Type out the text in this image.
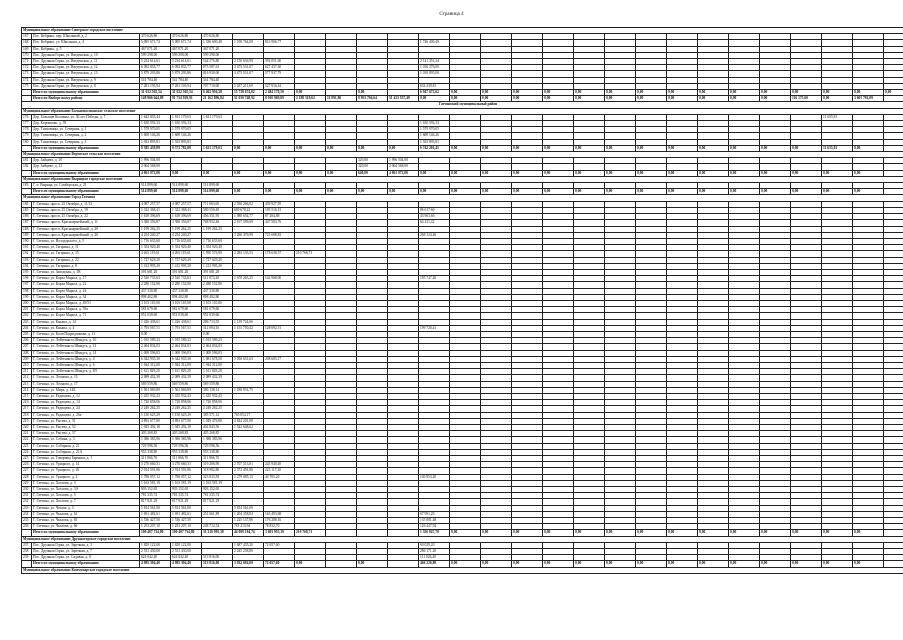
Страница 4
Муниципальное образование Сиверское городское поселение																										
167	Пос. Кобрино, пер. Школьный, д. 2	470 626,80	470 626,80	470 626,80																						
168	Пос. Кобрино, ул. Школьная, д. 4	5 095 671,74	5 095 671,74	1 336 600,48	1 198 764,00	813 906,77					1 746 400,49															
169	Пос. Кобрино, д. 5	467 071,20	467 071,20	467 071,20																						
170	Пос. Дружная Горка, ул. Введенская, д. 10	599 298,00	599 298,00	599 298,00																						
171	Пос. Дружная Горка, ул. Введенская, д. 11	5 234 614,61	5 234 614,61	544 576,80	2 150 636,99	392 051,60					2 141 351,24															
172	Пос. Дружная Горка, ул. Введенская, д. 12	6 092 835,77	6 092 835,77	875 587,61	3 475 531,07	627 437,30					1 016 376,00															
173	Пос. Дружная Горка, ул. Введенская, д. 13	5 879 293,86	5 879 293,86	816 930,00	3 475 531,07	577 937,79					1 010 895,00															
174	Пос. Дружная Горка, ул. Введенская, д. 9	541 784,40	541 784,40	541 784,40																						
175	Пос. Дружная Горка, ул. Введенская, д. 8	7 281 195,94	7 281 195,94	707 710,00	5 437 211,69	527 816,44					634 439,81															
	Итого по муниципальному образованию	31 632 565,54	31 632 565,54	6 462 956,38	15 738 674,82	2 484 170,50	0,00		0,00		6 947 672,62	0,00	0,00	0,00	0,00	0,00	0,00	0,00	0,00	0,00	0,00	0,00	0,00	0,00	0,00	0,00
	Итого по Выборгскому району	148 966 644,09	91 734 929,91	21 162 896,84	51 030 748,92	8 010 969,89	2 188 519,62	11 891,86	9 953 794,64	51 433 557,49	0,00	0,00	0,00	0,00	0,00	0,00	0,00	0,00	0,00	0,00	0,00	0,00	116 175,60	0,00	3 601 781,09	
Гатчинский муниципальный район																										
Муниципальное образование Большеколпанское сельское поселение																										
176	Дер. Большие Колпаны, ул. 30 лет Победы, д. 7	1 642 835,44	1 631 179,63	1 631 179,63																				11 655,81		
177	Дер. Корпиково, д. 39	1 630 592,33	1 630 592,33								1 630 592,33															
178	Дер. Тихковицы, ул. Северная, д. 1	1 579 970,05	1 579 970,05								1 579 970,05															
179	Дер. Тихковицы, ул. Северная, д. 2	1 608 146,26	1 608 146,26								1 608 146,26															
180	Дер. Тихковицы, ул. Северная, д. 3	1 923 895,81	1 923 895,81								1 923 895,81															
	Итого по муниципальному образованию	8 385 439,89	8 373 782,08	1 631 179,63	0,00	0,00	0,00	0,00	0,00	0,00	6 742 202,45	0,00	0,00	0,00	0,00	0,00	0,00	0,00	0,00	0,00	0,00	0,00	0,00	11 655,81	0,00	
Муниципальное образование Веревское сельское поселение																										
181	Дер. Зайцево, д. 10	1 996 504,00							320,00	1 996 504,00																
182	Дер. Зайцево, д. 12	2 064 568,00							320,00	2 064 568,00																
	Итого по муниципальному образованию	4 061 072,00	0,00	0,00	0,00	0,00	0,00	0,00	640,00	4 061 072,00	0,00	0,00	0,00	0,00	0,00	0,00	0,00	0,00	0,00	0,00	0,00	0,00	0,00	0,00	0,00	
Муниципальное образование Вырицкое городское поселение																										
183	Г. п. Вырица, ул. Сомборская, д. 21	514 899,60	514 899,60	514 899,60																						
	Итого по муниципальному образованию	514 899,60	514 899,60	514 899,60	0,00	0,00	0,00	0,00	0,00	0,00	0,00	0,00	0,00	0,00	0,00	0,00	0,00	0,00	0,00	0,00	0,00	0,00	0,00	0,00	0,00	
Муниципальное образование Город Гатчина																										
184	Г. Гатчина, просп. 25 Октября, д. 11/13	4 087 257,57	4 087 257,57	711 063,60	2 936 266,02	439 927,95																				
185	Г. Гатчина, просп. 25 Октября, д. 19	1 322 368,41	1 322 368,41	580 556,49	669 678,22	183 516,15					86 617,60															
186	Г. Гатчина, просп. 25 Октября, д. 22	1 618 396,69	1 618 396,69	456 351,95	1 080 654,77	87 284,88					43 963,66															
187	Г. Гатчина, просп. Красноармейский, д. 11	3 380 356,87	3 380 356,87	768 952,46	2 107 589,09	447 583,76					64 231,42															
188	Г. Гатчина, просп. Красноармейский, д. 20	1 199 262,25	1 199 262,25	1 199 262,25																						
189	Г. Гатчина, просп. Красноармейский, д. 26	4 254 240,27	4 254 240,27		3 260 476,99	725 688,82					268 124,46															
190	Г. Гатчина, ул. Володарского, д. 5	1 716 633,60	1 716 633,60	1 716 633,60																						
191	Г. Гатчина, ул. Гагарина, д. 11	1 354 920,40	1 354 920,40	1 354 920,40																						
192	Г. Гатчина, ул. Гагарина, д. 15	4 263 119,61	4 263 119,61	1 590 576,90	2 283 135,53	178 638,57	210 768,71																			
193	Г. Гатчина, ул. Гагарина, д. 22	1 727 629,20	1 727 629,20	1 727 629,20																						
194	Г. Гатчина, ул. Гагарина, д. 8	1 412 995,20	1 412 995,20	1 412 995,20																						
195	Г. Гатчина, ул. Заводская, д. 1В	391 681,20	391 681,20	391 681,20																						
196	Г. Гатчина, ул. Карла Маркса, д. 17	2 520 733,63	2 520 733,63	511 873,20	1 670 263,25	142 968,00					195 747,20															
197	Г. Гатчина, ул. Карла Маркса, д. 22	2 280 152,80	2 280 152,80	2 280 152,80																						
198	Г. Гатчина, ул. Карла Маркса, д. 24	437 330,80	437 330,80	437 330,80																						
199	Г. Гатчина, ул. Карла Маркса, д. 34	898 402,80	898 402,80	898 402,80																						
200	Г. Гатчина, ул. Карла Маркса, д. 49/51	3 103 110,00	3 103 110,00	3 103 110,00																						
201	Г. Гатчина, ул. Карла Маркса, д. 59а	581 679,60	581 679,60	581 679,60																						
202	Г. Гатчина, ул. Карла Маркса, д. 71	951 039,60	951 039,60	951 039,60																						
203	Г. Гатчина, ул. Кныша, д. 14	1 426 438,61	1 426 438,61	286 713,55	1 139 724,06																					
204	Г. Гатчина, ул. Кныша, д. 4	1 793 567,51	1 793 567,51	312 094,16	1 153 750,42	128 092,51					199 720,41															
205	Г. Гатчина, ул. Коли Подрядчикова, д. 11	0,00		0,00																						
206	Г. Гатчина, ул. Лейтенанта Шмидта, д. 10	1 015 589,23	1 015 589,23	1 015 589,23																						
207	Г. Гатчина, ул. Лейтенанта Шмидта, д. 12	2 464 834,03	2 464 834,03	2 464 834,03																						
208	Г. Гатчина, ул. Лейтенанта Шмидта, д. 14	1 008 596,83	1 008 596,83	1 008 596,83																						
209	Г. Гатчина, ул. Лейтенанта Шмидта, д. 4	6 342 935,30	6 342 935,30	1 081 678,50	5 050 651,63	208 605,17																				
210	Г. Гатчина, ул. Лейтенанта Шмидта, д. 6	1 944 312,00	1 944 312,00	1 944 312,00																						
211	Г. Гатчина, ул. Лейтенанта Шмидта, д. 8/5	1 611 829,20	1 611 829,20	1 611 829,20																						
212	Г. Гатчина, ул. Леонова, д. 15	2 089 432,39	2 089 432,39	2 089 432,39																						
213	Г. Гатчина, ул. Леонова, д. 17	569 559,86	569 559,86	569 559,86																						
214	Г. Гатчина, ул. Мира, д. 14Б	1 561 069,89	1 561 069,89	380 138,14	1 180 931,75																					
215	Г. Гатчина, ул. Радищева, д. 12	1 435 932,43	1 435 932,43	1 435 932,43																						
216	Г. Гатчина, ул. Радищева, д. 14	1 720 858,06	1 720 858,06	1 720 858,06																						
217	Г. Гатчина, ул. Радищева, д. 24	2 249 262,25	2 249 262,25	2 249 262,25																						
218	Г. Гатчина, ул. Радищева, д. 26а	1 150 625,29	1 150 625,29	385 571,12	765 054,17																					
219	Г. Гатчина, ул. Рысева, д. 51	4 893 677,80	4 893 677,80	1 049 476,80	3 844 201,00																					
220	Г. Гатчина, ул. Рысева, д. 52	1 945 492,18	1 945 492,18	402 843,56	1 542 648,62																					
221	Г. Гатчина, ул. Рысева, д. 57	405 268,85	405 268,85	405 268,85																						
222	Г. Гатчина, ул. Собина, д. 3	1 386 383,96	1 386 383,96	1 386 383,96																						
223	Г. Гатчина, ул. Соборная, д. 21	729 596,56	729 596,56	729 596,56																						
224	Г. Гатчина, ул. Соборная, д. 21А	953 338,80	953 338,80	953 338,80																						
225	Г. Гатчина, ул. Товарища Бармина, д. 1	311 866,70	311 866,70	311 866,70																						
226	Г. Гатчина, ул. Урицкого, д. 14	3 270 660,31	3 270 660,31	319 206,90	2 707 513,01	243 940,40																				
227	Г. Гатчина, ул. Урицкого, д. 26	2 914 591,86	2 914 591,86	318 982,80	2 372 491,86	223 117,20																				
228	Г. Гатчина, ул. Урицкого, д. 4	1 788 057,12	1 788 057,12	323 833,59	1 279 085,13	44 705,20					140 953,20															
229	Г. Гатчина, ул. Хохлова, д. 3	1 163 581,19	1 163 581,19	1 163 581,19																						
230	Г. Гатчина, ул. Хохлова, д. 3А	903 152,65	903 152,65	903 152,65																						
231	Г. Гатчина, ул. Хохлова, д. 5	781 335,74	781 335,74	781 335,74																						
232	Г. Гатчина, ул. Хохлова, д. 7	817 821,29	817 821,29	817 821,29																						
233	Г. Гатчина, ул. Чехова, д. 3	5 814 561,00	5 814 561,00		5 814 561,00																					
234	Г. Гатчина, ул. Чкалова, д. 61	1 691 482,61	1 691 482,61	251 661,89	1 204 358,84	163 493,68					67 991,20															
235	Г. Гатчина, ул. Чкалова, д. 65	1 536 427,50	1 536 427,50		1 225 137,86	176 208,16					135 081,48															
236	Г. Гатчина, ул. Чкалова, д. 66	1 253 207,10	1 253 207,10	248 712,52	781 213,94	78 832,70					126 447,94															
	Итого по муниципальному образованию	100 407 734,80	100 407 734,80	31 216 995,38	44 099 184,74	3 603 955,19	210 768,71				1 356 847,78	0,00	0,00	0,00	0,00	0,00	0,00	0,00	0,00	0,00	0,00	0,00	0,00	0,00	0,00	
Муниципальное образование Дружногорское городское поселение																										
237	Пос. Дружная Горка, ул. Заречная, д. 3	1 829 122,00	1 829 122,00		1 687 435,20	72 657,60					69 029,20															
238	Пос. Дружная Горка, ул. Заречная, д. 7	2 531 430,00	2 531 430,00		2 245 258,80						286 171,20															
239	Пос. Дружная Горка, ул. Садовая, д. 8	624 842,40	624 842,40	513 816,00							111 026,40															
	Итого по муниципальному образованию	4 985 394,40	4 985 394,40	513 816,00	3 932 694,00	72 657,60	0,00		0,00		466 226,80	0,00	0,00	0,00	0,00	0,00	0,00	0,00	0,00	0,00	0,00	0,00	0,00	0,00	0,00	
Муниципальное образование Коммунарское городское поселение																										
